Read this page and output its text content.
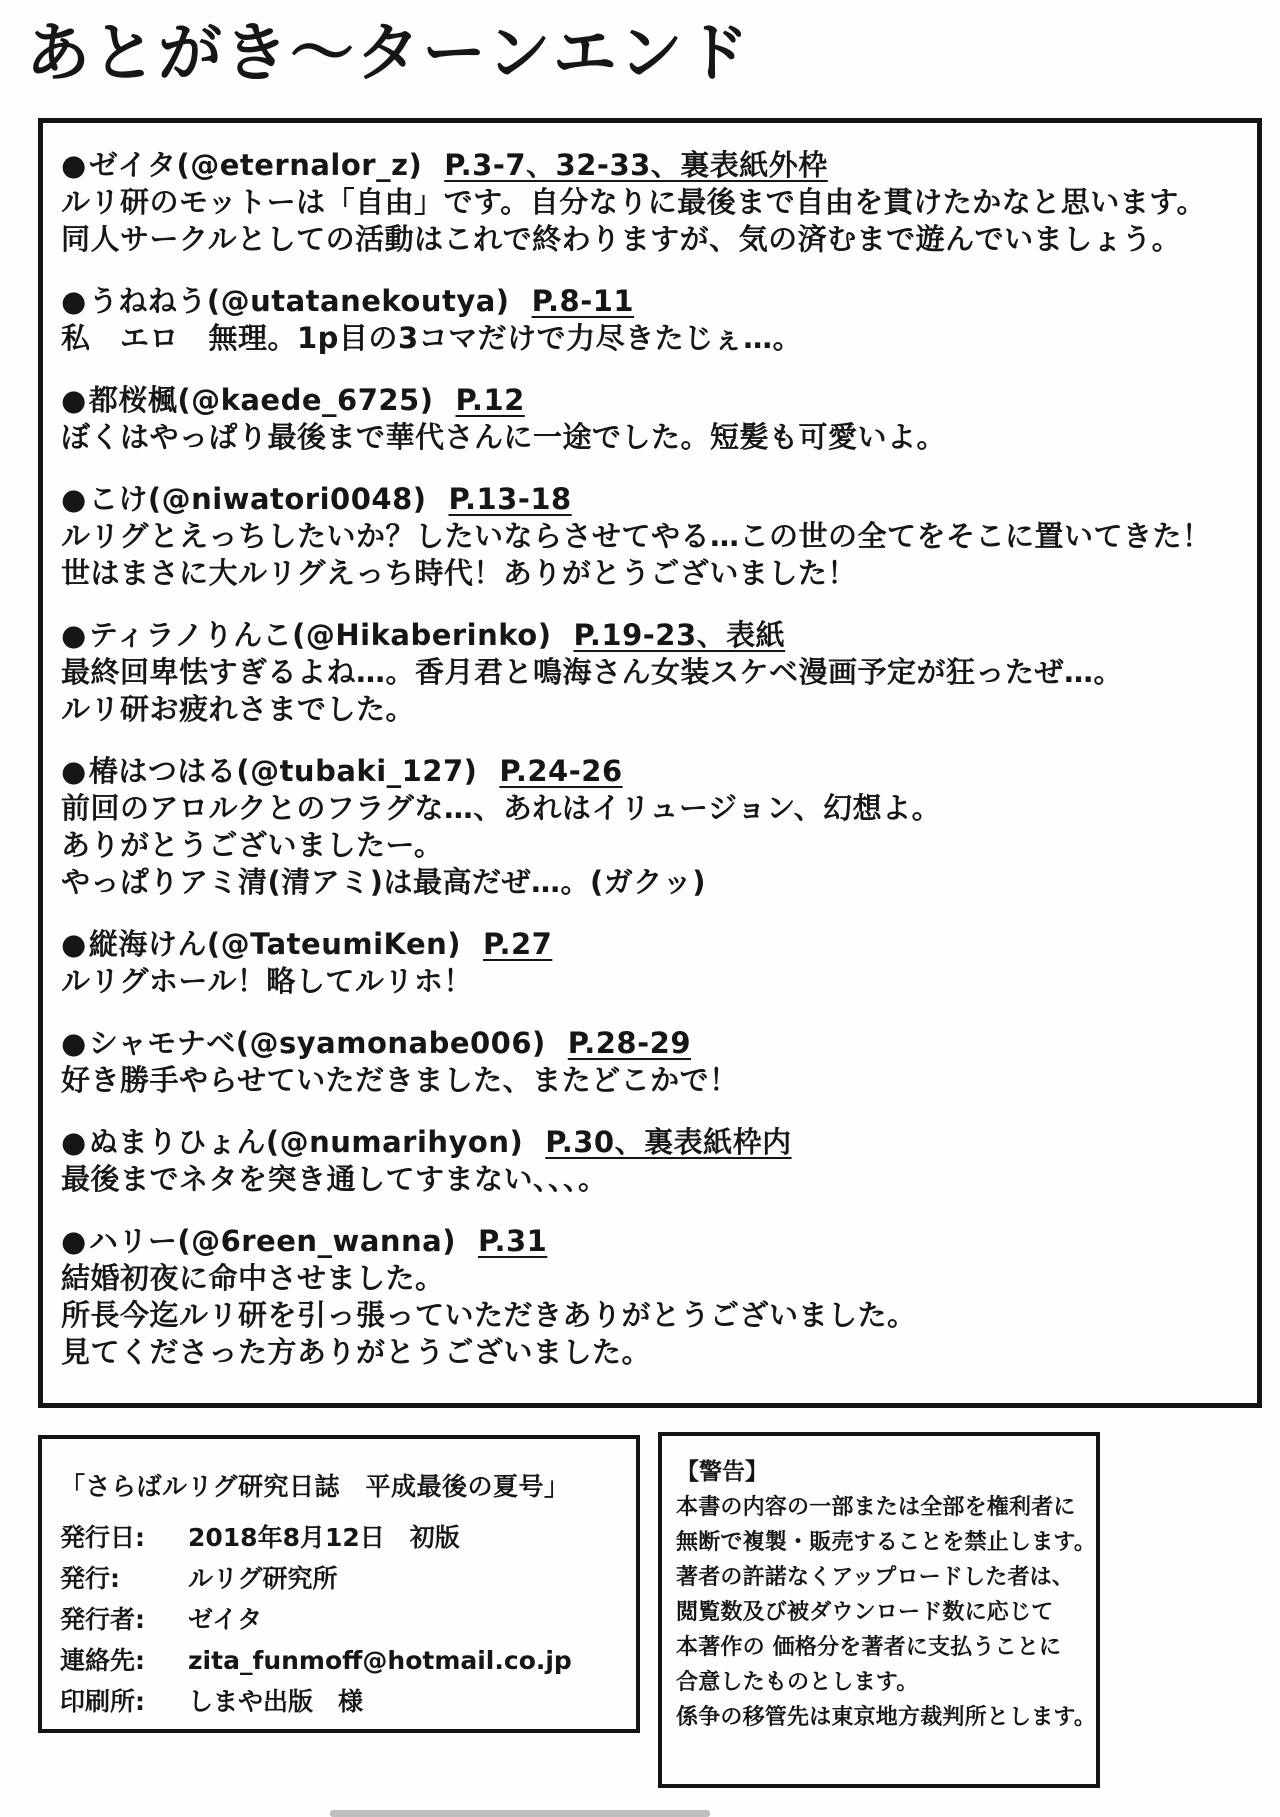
あとがき～ターンエンド
●ゼイタ(@eternalor_z) P.3-7、32-33、裏表紙外枠
ルリ研のモットーは「自由」です。自分なりに最後まで自由を貫けたかなと思います。
同人サークルとしての活動はこれで終わりますが、気の済むまで遊んでいましょう。
●うねねう(@utatanekoutya) P.8-11
私　エロ　無理。1p目の3コマだけで力尽きたじぇ…。
●都桜楓(@kaede_6725) P.12
ぼくはやっぱり最後まで華代さんに一途でした。短髪も可愛いよ。
●こけ(@niwatori0048) P.13-18
ルリグとえっちしたいか？したいならさせてやる…この世の全てをそこに置いてきた！
世はまさに大ルリグえっち時代！ありがとうございました！
●ティラノりんこ(@Hikaberinko) P.19-23、表紙
最終回卑怯すぎるよね…。香月君と鳴海さん女装スケベ漫画予定が狂ったぜ…。
ルリ研お疲れさまでした。
●椿はつはる(@tubaki_127) P.24-26
前回のアロルクとのフラグな…、あれはイリュージョン、幻想よ。
ありがとうございましたー。
やっぱりアミ清(清アミ)は最高だぜ…。(ガクッ)
●縦海けん(@TateumiKen) P.27
ルリグホール！略してルリホ！
●シャモナベ(@syamonabe006) P.28-29
好き勝手やらせていただきました、またどこかで！
●ぬまりひょん(@numarihyon) P.30、裏表紙枠内
最後までネタを突き通してすまない、、、。
●ハリー(@6reen_wanna) P.31
結婚初夜に命中させました。
所長今迄ルリ研を引っ張っていただきありがとうございました。
見てくださった方ありがとうございました。
「さらばルリグ研究日誌　平成最後の夏号」
発行日:	2018年8月12日　初版
発行:	ルリグ研究所
発行者:	ゼイタ
連絡先:	zita_funmoff@hotmail.co.jp
印刷所:	しまや出版　様
【警告】
本書の内容の一部または全部を権利者に
無断で複製・販売することを禁止します。
著者の許諾なくアップロードした者は、
閲覧数及び被ダウンロード数に応じて
本著作の 価格分を著者に支払うことに
合意したものとします。
係争の移管先は東京地方裁判所とします。
